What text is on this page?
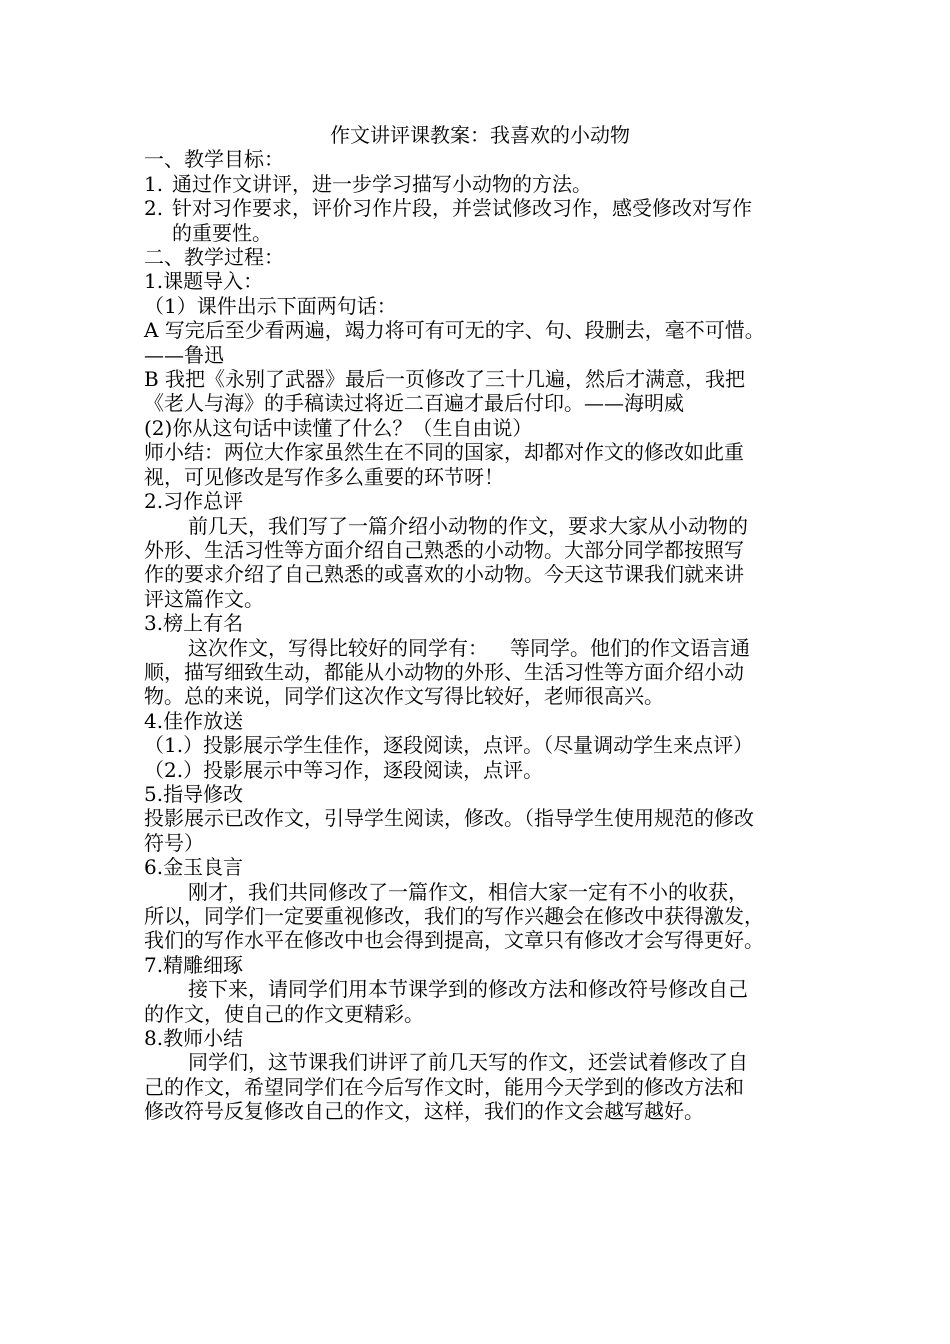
作文讲评课教案：我喜欢的小动物
一、教学目标：
1. 通过作文讲评，进一步学习描写小动物的方法。
2. 针对习作要求，评价习作片段，并尝试修改习作，感受修改对写作
的重要性。
二、教学过程：
1.课题导入：
（1）课件出示下面两句话：
A 写完后至少看两遍，竭力将可有可无的字、句、段删去，毫不可惜。
——鲁迅
B 我把《永别了武器》最后一页修改了三十几遍，然后才满意，我把
《老人与海》的手稿读过将近二百遍才最后付印。——海明威
(2)你从这句话中读懂了什么？（生自由说）
师小结：两位大作家虽然生在不同的国家，却都对作文的修改如此重
视，可见修改是写作多么重要的环节呀！
2.习作总评
前几天，我们写了一篇介绍小动物的作文，要求大家从小动物的
外形、生活习性等方面介绍自己熟悉的小动物。大部分同学都按照写
作的要求介绍了自己熟悉的或喜欢的小动物。今天这节课我们就来讲
评这篇作文。
3.榜上有名
这次作文，写得比较好的同学有： 等同学。他们的作文语言通
顺，描写细致生动，都能从小动物的外形、生活习性等方面介绍小动
物。总的来说，同学们这次作文写得比较好，老师很高兴。
4.佳作放送
（1.）投影展示学生佳作，逐段阅读，点评。（尽量调动学生来点评）
（2.）投影展示中等习作，逐段阅读，点评。
5.指导修改
投影展示已改作文，引导学生阅读，修改。（指导学生使用规范的修改
符号）
6.金玉良言
刚才，我们共同修改了一篇作文，相信大家一定有不小的收获，
所以，同学们一定要重视修改，我们的写作兴趣会在修改中获得激发，
我们的写作水平在修改中也会得到提高，文章只有修改才会写得更好。
7.精雕细琢
接下来，请同学们用本节课学到的修改方法和修改符号修改自己
的作文，使自己的作文更精彩。
8.教师小结
同学们，这节课我们讲评了前几天写的作文，还尝试着修改了自
己的作文，希望同学们在今后写作文时，能用今天学到的修改方法和
修改符号反复修改自己的作文，这样，我们的作文会越写越好。
